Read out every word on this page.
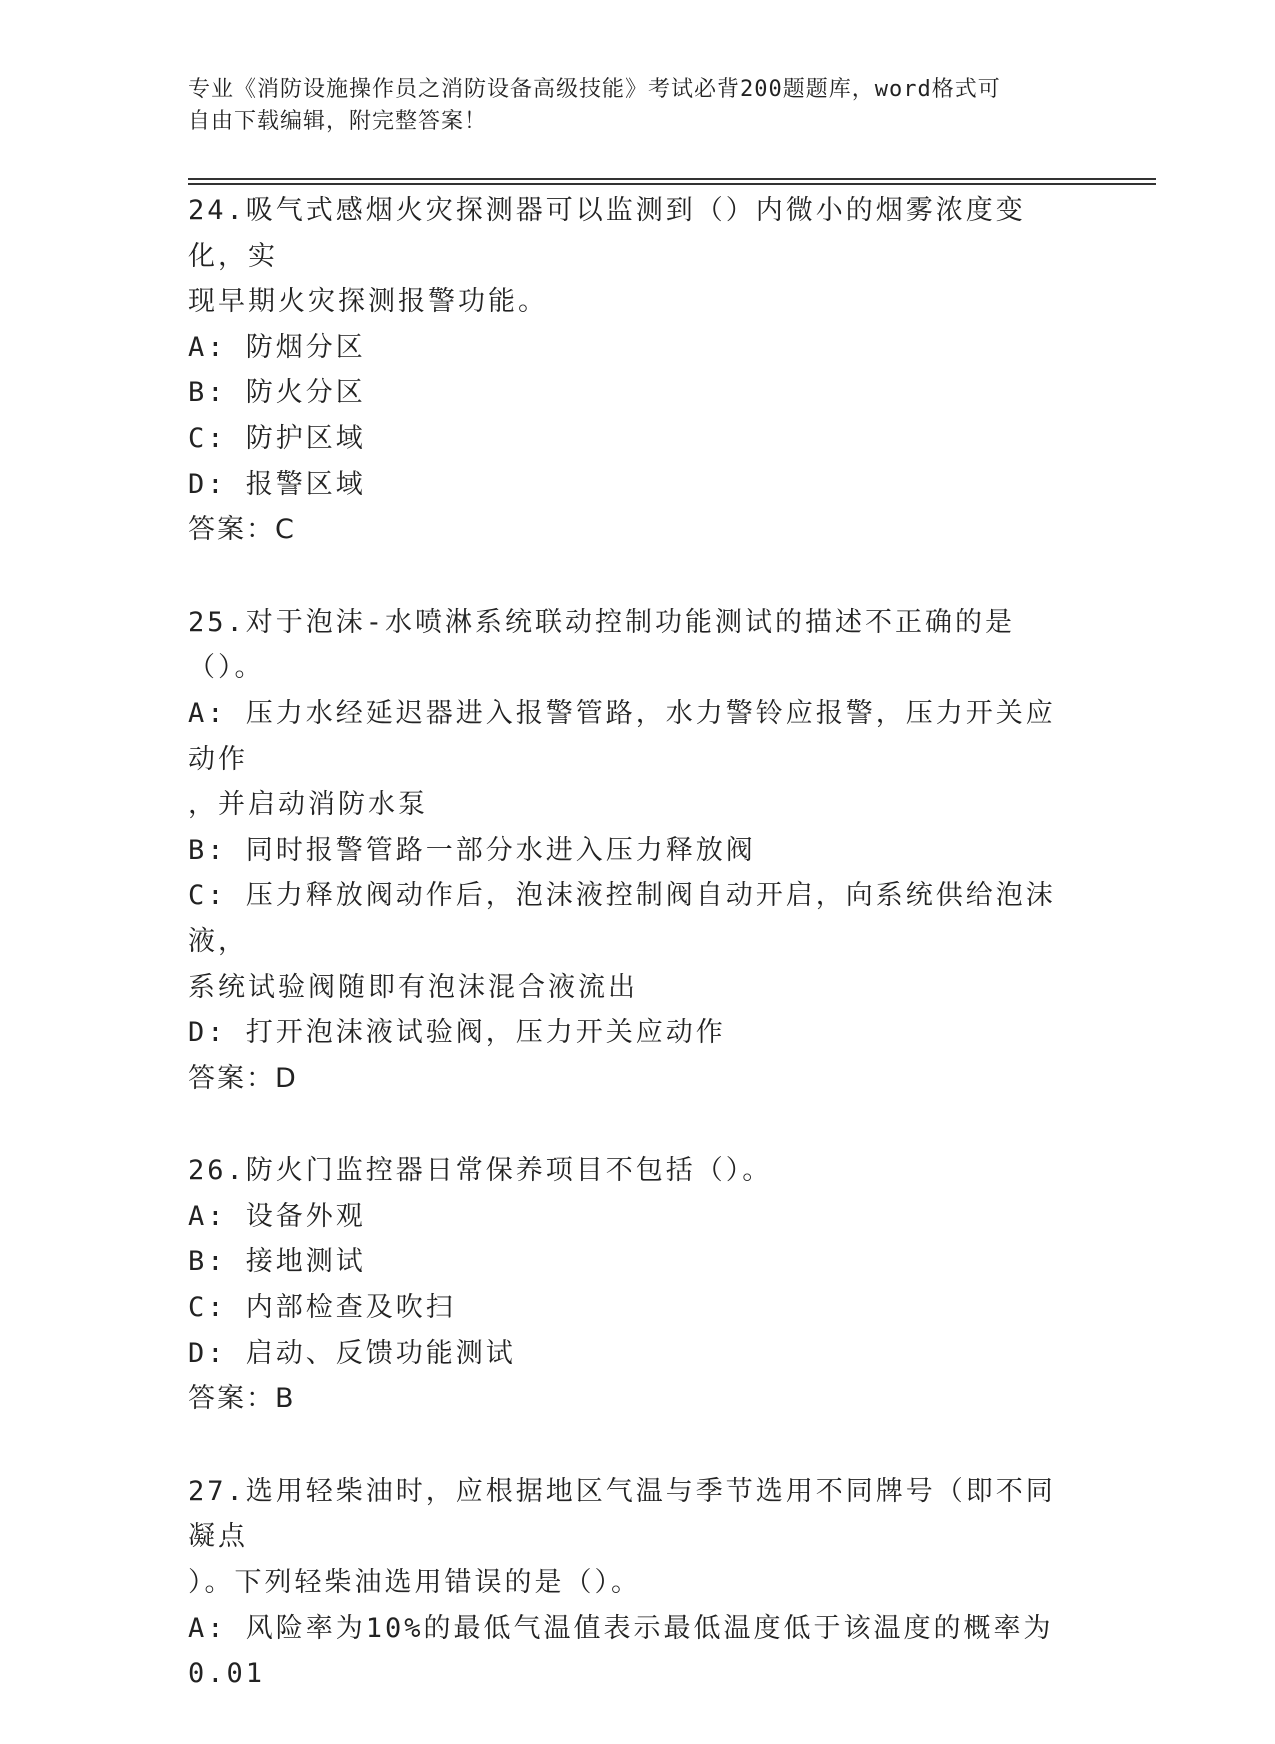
专业《消防设施操作员之消防设备高级技能》考试必背200题题库，word格式可
自由下载编辑，附完整答案！
24.吸气式感烟火灾探测器可以监测到（）内微小的烟雾浓度变化，实
现早期火灾探测报警功能。
A: 防烟分区
B: 防火分区
C: 防护区域
D: 报警区域
答案：C
25.对于泡沫-水喷淋系统联动控制功能测试的描述不正确的是（）。
A: 压力水经延迟器进入报警管路，水力警铃应报警，压力开关应动作
，并启动消防水泵
B: 同时报警管路一部分水进入压力释放阀
C: 压力释放阀动作后，泡沫液控制阀自动开启，向系统供给泡沫液，
系统试验阀随即有泡沫混合液流出
D: 打开泡沫液试验阀，压力开关应动作
答案：D
26.防火门监控器日常保养项目不包括（）。
A: 设备外观
B: 接地测试
C: 内部检查及吹扫
D: 启动、反馈功能测试
答案：B
27.选用轻柴油时，应根据地区气温与季节选用不同牌号（即不同凝点
）。下列轻柴油选用错误的是（）。
A: 风险率为10%的最低气温值表示最低温度低于该温度的概率为0.01
